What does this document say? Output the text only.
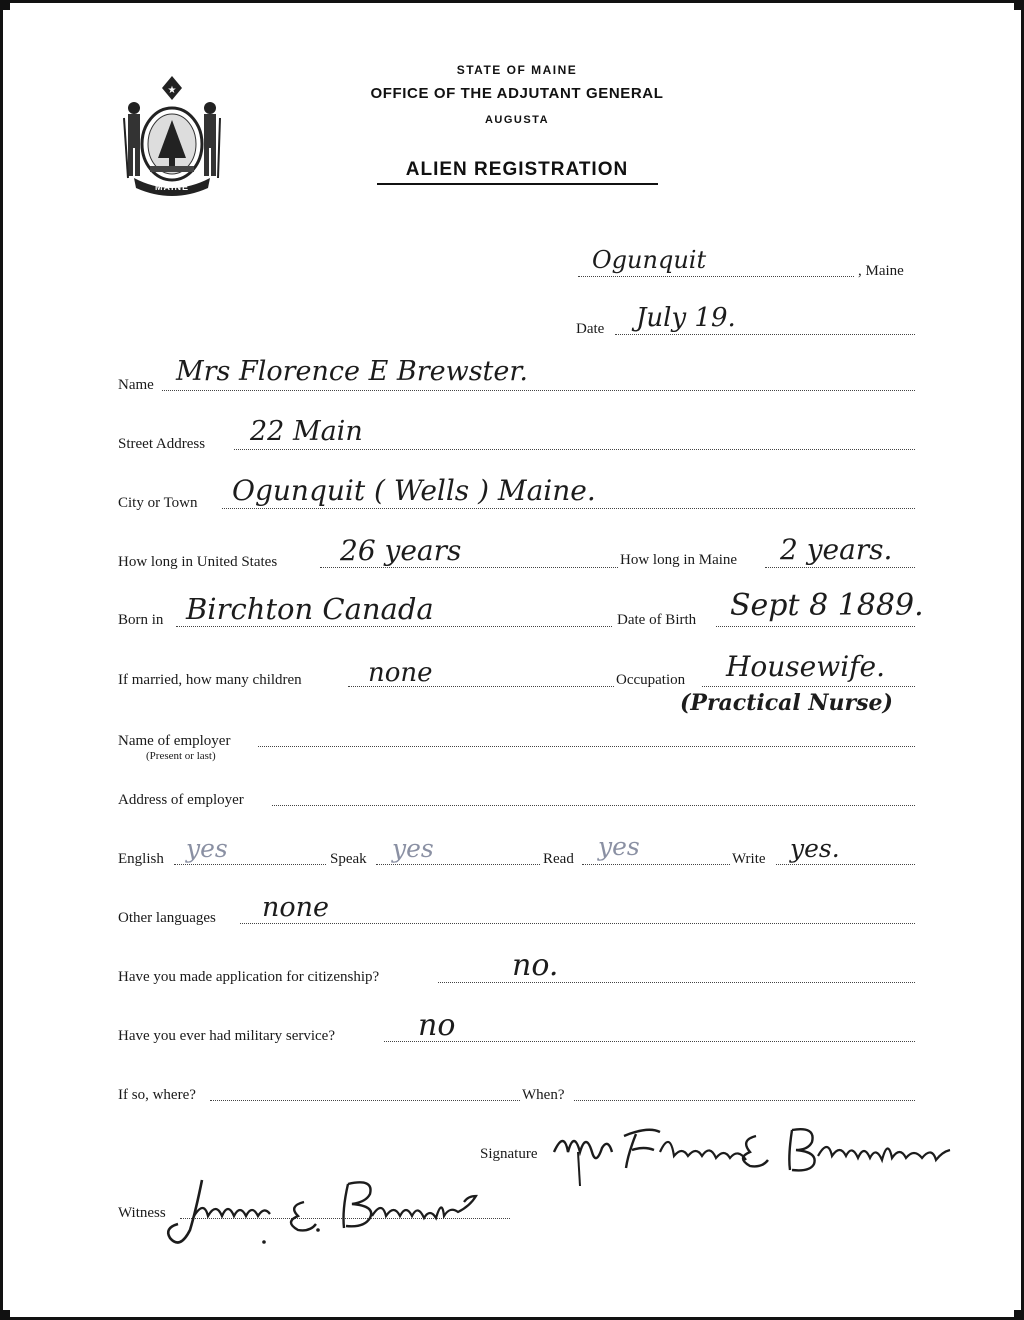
★
MAINE
STATE OF MAINE
OFFICE OF THE ADJUTANT GENERAL
AUGUSTA
ALIEN REGISTRATION
Ogunquit	, Maine
Date July 19.
Name Mrs Florence E Brewster.
Street Address 22 Main
City or Town Ogunquit ( Wells ) Maine.
How long in United States 26 years	How long in Maine 2 years.
Born in Birchton Canada	Date of Birth Sept 8 1889.
If married, how many children	none	Occupation Housewife.
(Practical Nurse)
Name of employer
(Present or last)
Address of employer
English yes	Speak yes	Read yes	Write yes.
Other languages none
Have you made application for citizenship?	no.
Have you ever had military service?	no
If so, where?	When?
Signature
Witness
